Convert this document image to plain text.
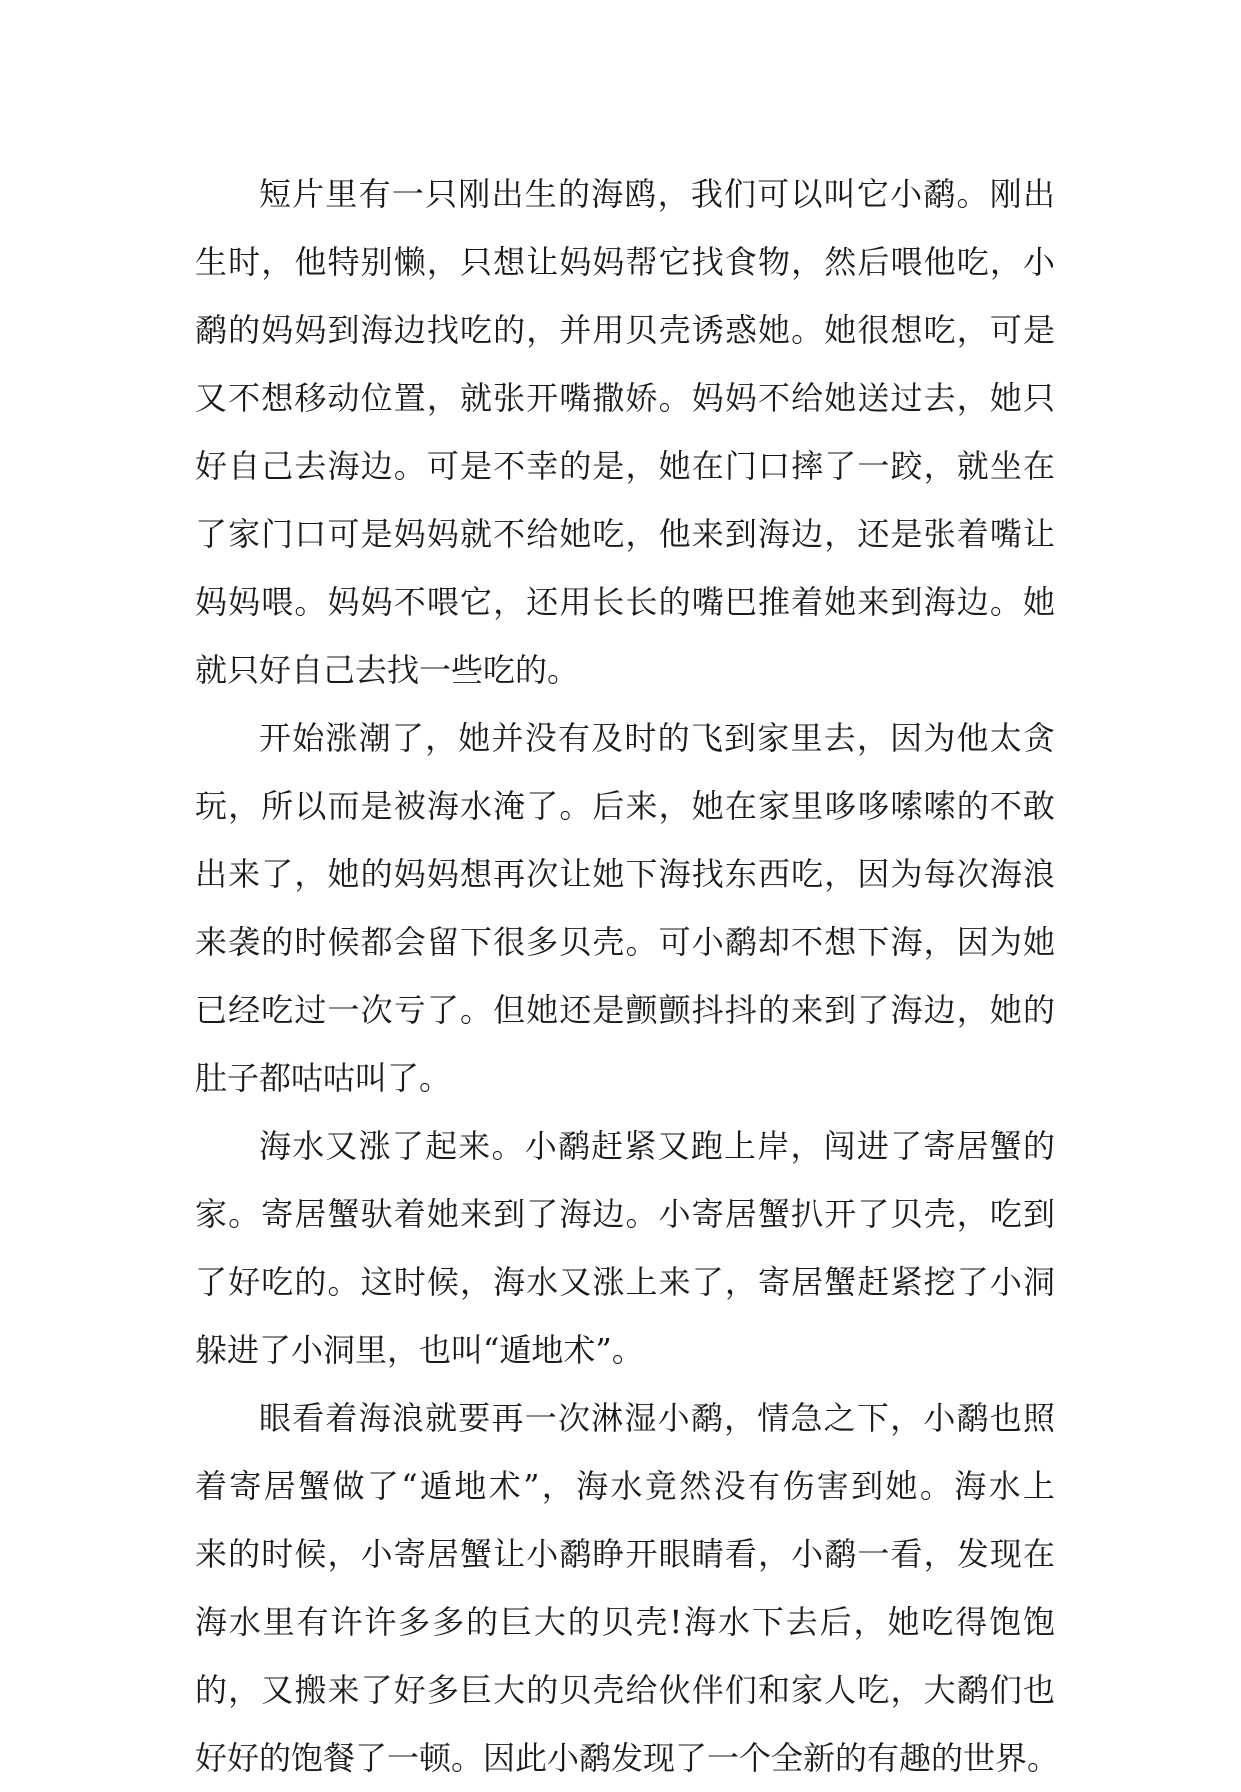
短片里有一只刚出生的海鸥，我们可以叫它小鹬。刚出
生时，他特别懒，只想让妈妈帮它找食物，然后喂他吃，小
鹬的妈妈到海边找吃的，并用贝壳诱惑她。她很想吃，可是
又不想移动位置，就张开嘴撒娇。妈妈不给她送过去，她只
好自己去海边。可是不幸的是，她在门口摔了一跤，就坐在
了家门口可是妈妈就不给她吃，他来到海边，还是张着嘴让
妈妈喂。妈妈不喂它，还用长长的嘴巴推着她来到海边。她
就只好自己去找一些吃的。
开始涨潮了，她并没有及时的飞到家里去，因为他太贪
玩，所以而是被海水淹了。后来，她在家里哆哆嗦嗦的不敢
出来了，她的妈妈想再次让她下海找东西吃，因为每次海浪
来袭的时候都会留下很多贝壳。可小鹬却不想下海，因为她
已经吃过一次亏了。但她还是颤颤抖抖的来到了海边，她的
肚子都咕咕叫了。
海水又涨了起来。小鹬赶紧又跑上岸，闯进了寄居蟹的
家。寄居蟹驮着她来到了海边。小寄居蟹扒开了贝壳，吃到
了好吃的。这时候，海水又涨上来了，寄居蟹赶紧挖了小洞
躲进了小洞里，也叫“遁地术”。
眼看着海浪就要再一次淋湿小鹬，情急之下，小鹬也照
着寄居蟹做了“遁地术”，海水竟然没有伤害到她。海水上
来的时候，小寄居蟹让小鹬睁开眼睛看，小鹬一看，发现在
海水里有许许多多的巨大的贝壳!海水下去后，她吃得饱饱
的，又搬来了好多巨大的贝壳给伙伴们和家人吃，大鹬们也
好好的饱餐了一顿。因此小鹬发现了一个全新的有趣的世界。
